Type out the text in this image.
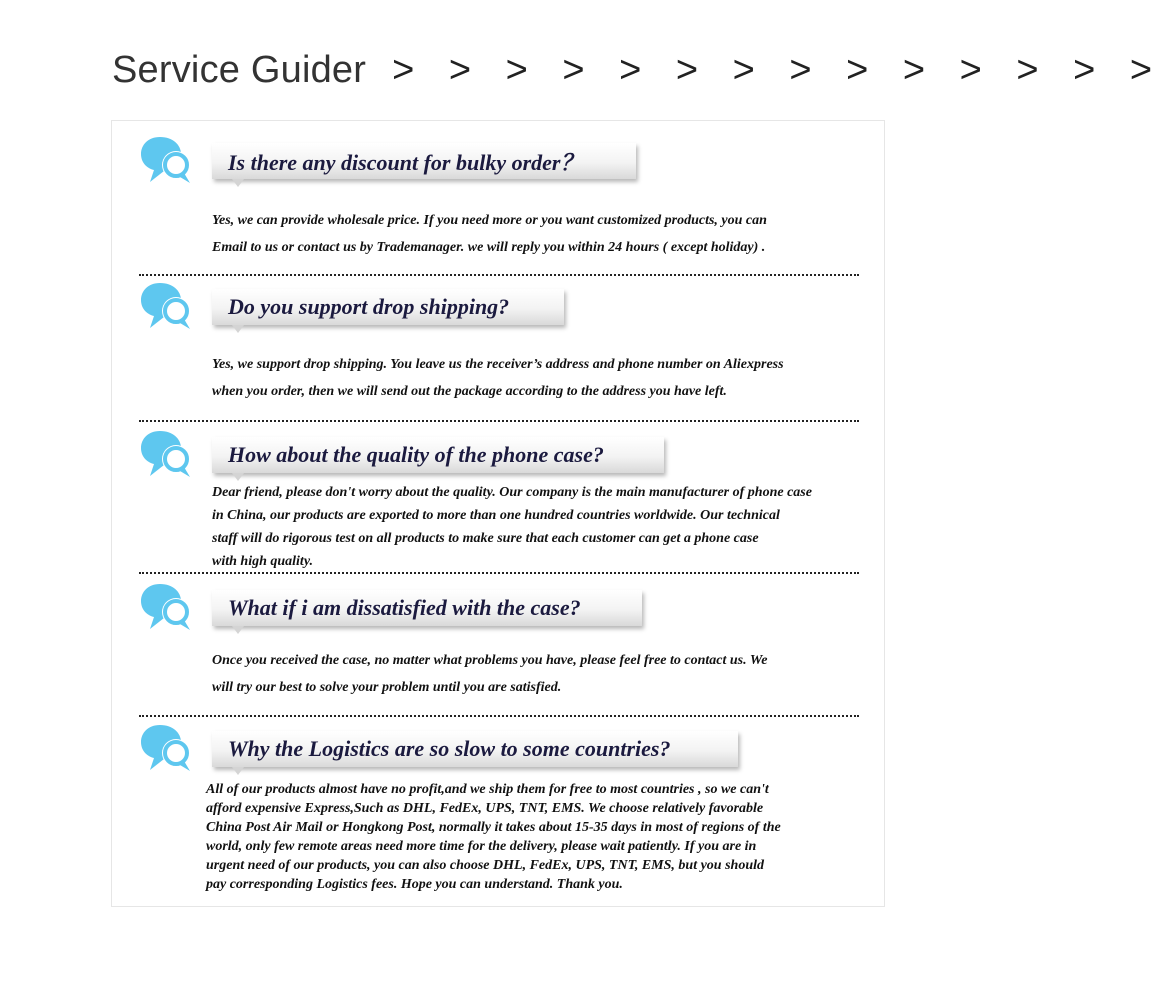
Service Guider > > > > > > > > > > > > > >
Is there any discount for bulky order？
Yes, we can provide wholesale price. If you need more or you want customized products, you can
Email to us or contact us by Trademanager. we will reply you within 24 hours ( except holiday) .
Do you support drop shipping?
Yes, we support drop shipping. You leave us the receiver’s address and phone number on Aliexpress
when you order, then we will send out the package according to the address you have left.
How about the quality of the phone case?
Dear friend, please don't worry about the quality. Our company is the main manufacturer of phone case
in China, our products are exported to more than one hundred countries worldwide. Our technical
staff will do rigorous test on all products to make sure that each customer can get a phone case
with high quality.
What if i am dissatisfied with the case?
Once you received the case, no matter what problems you have, please feel free to contact us. We
will try our best to solve your problem until you are satisfied.
Why the Logistics are so slow to some countries?
All of our products almost have no profit,and we ship them for free to most countries , so we can't
afford expensive Express,Such as DHL, FedEx, UPS, TNT, EMS. We choose relatively favorable
China Post Air Mail or Hongkong Post, normally it takes about 15-35 days in most of regions of the
world, only few remote areas need more time for the delivery, please wait patiently. If you are in
urgent need of our products, you can also choose DHL, FedEx, UPS, TNT, EMS, but you should
pay corresponding Logistics fees. Hope you can understand. Thank you.
